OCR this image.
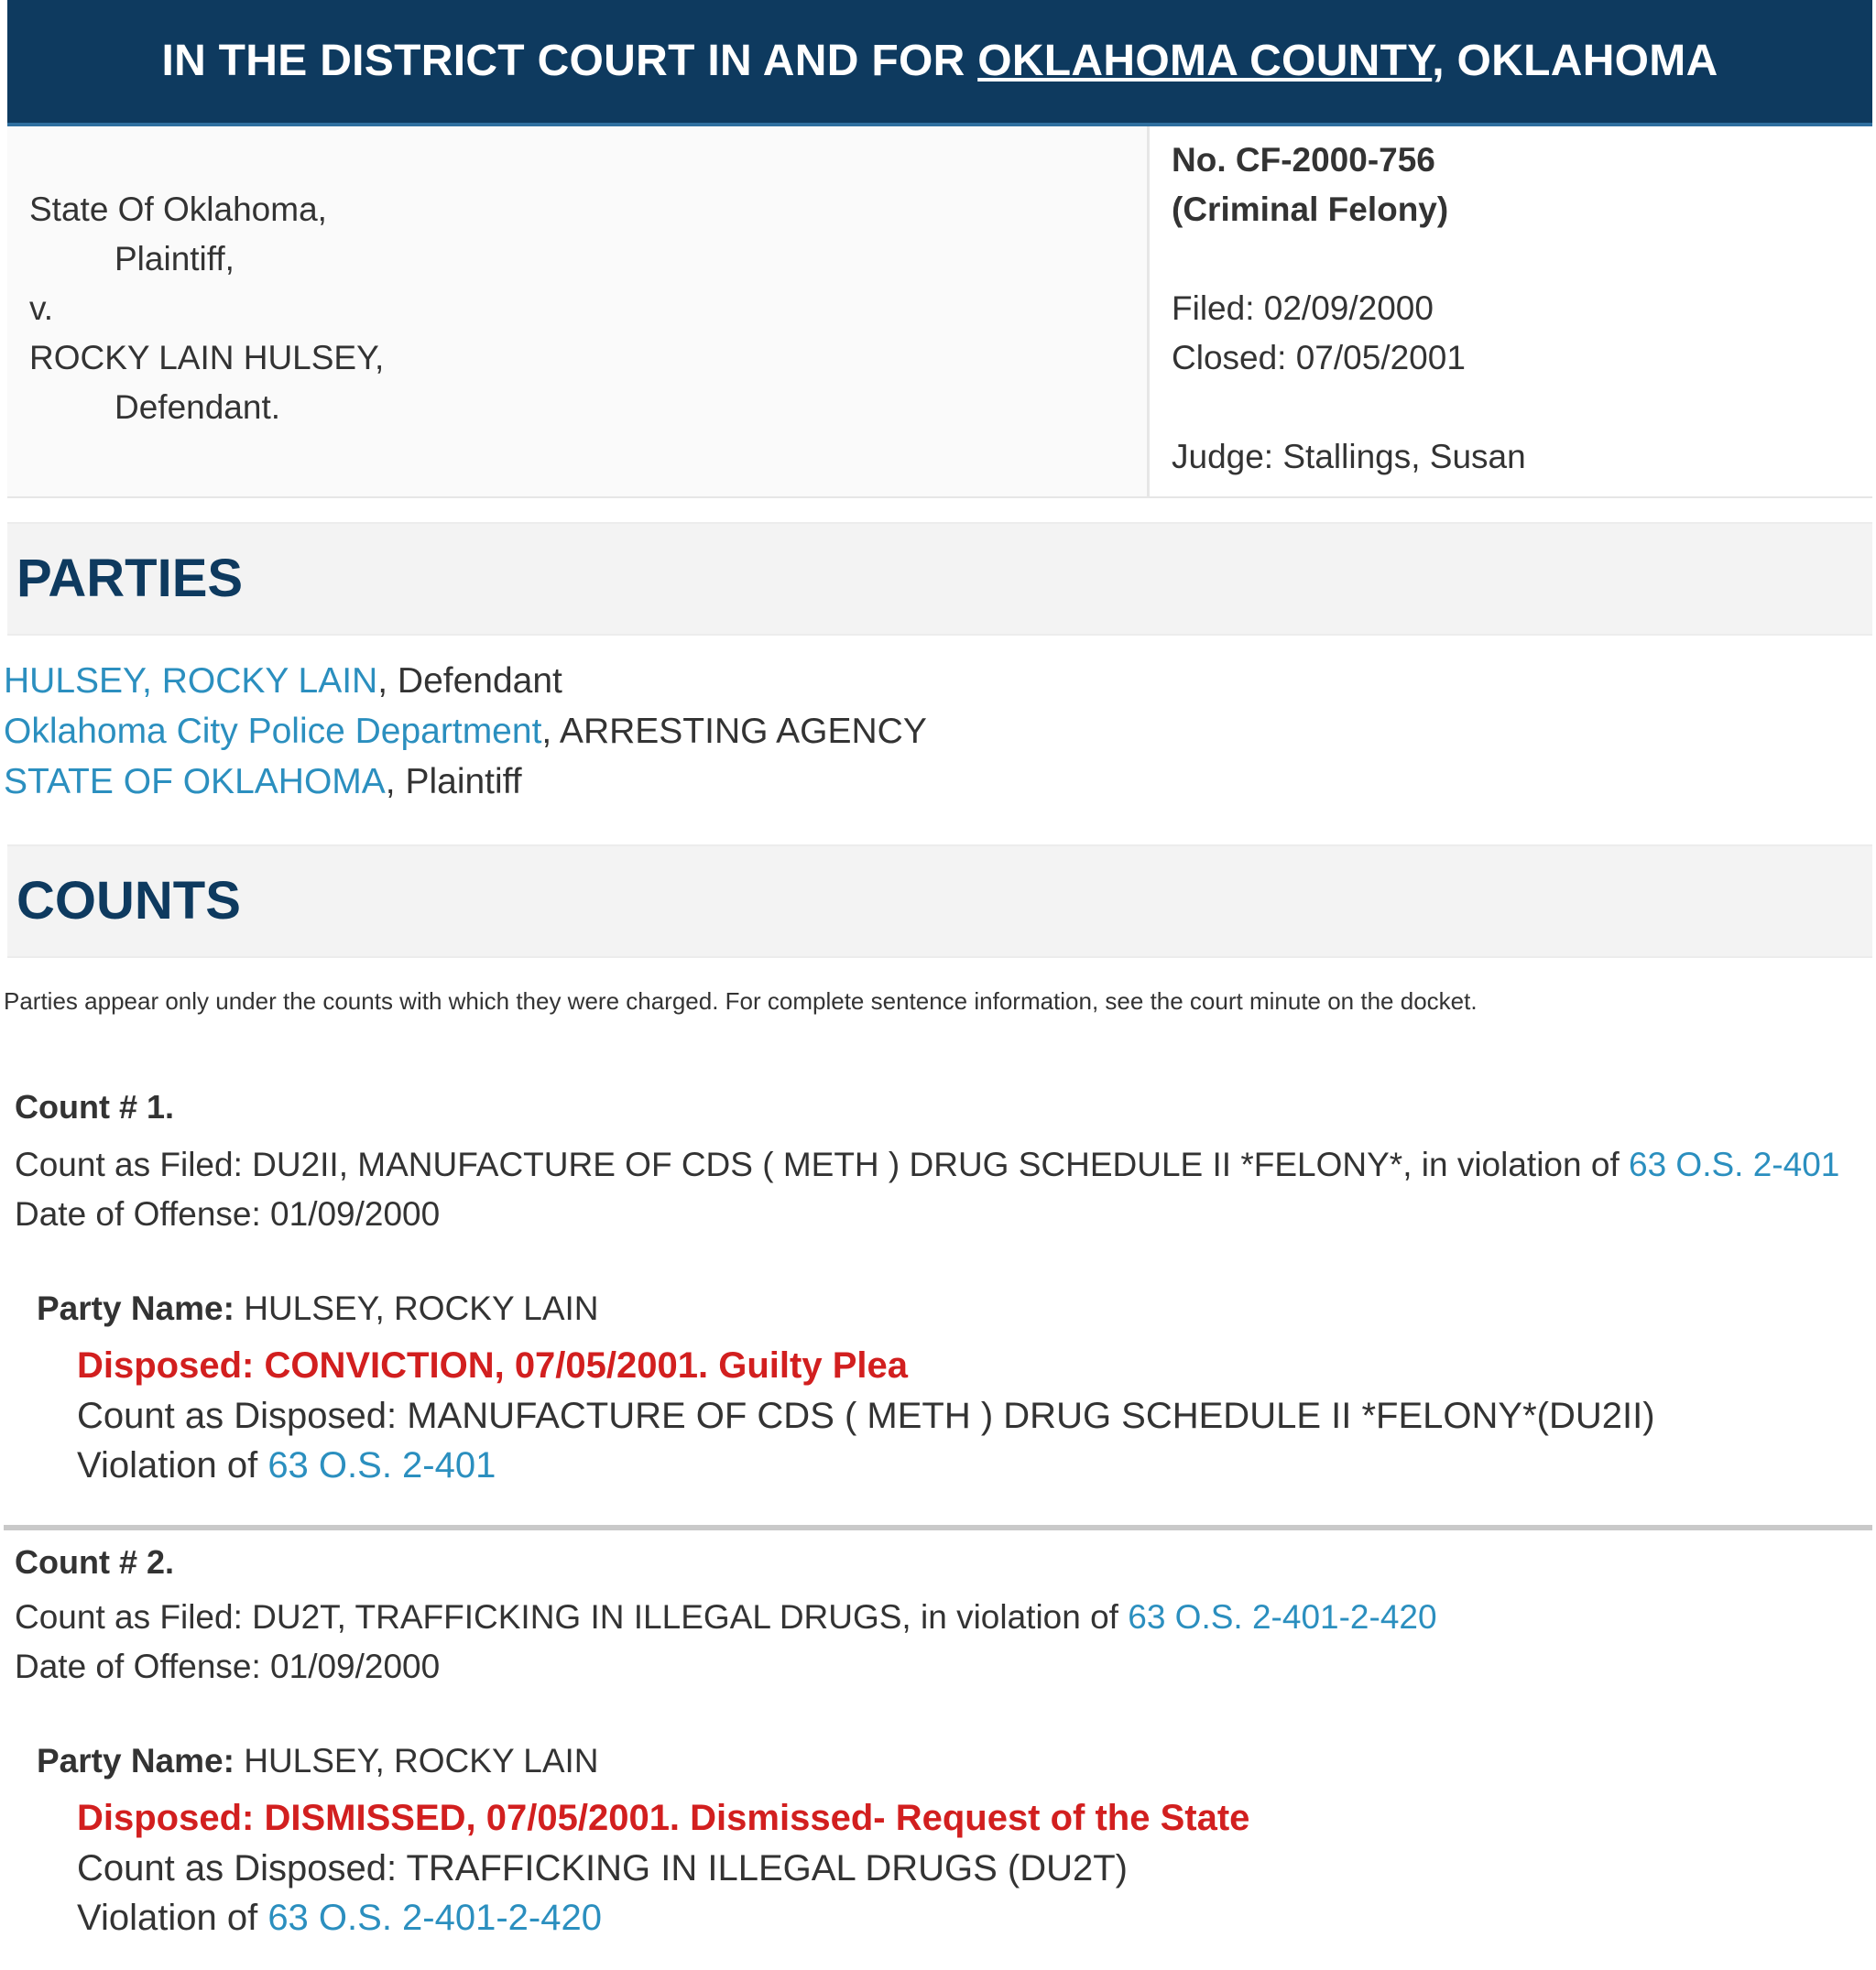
IN THE DISTRICT COURT IN AND FOR OKLAHOMA COUNTY, OKLAHOMA
State Of Oklahoma,
Plaintiff,
v.
ROCKY LAIN HULSEY,
Defendant.
No. CF-2000-756
(Criminal Felony)
Filed: 02/09/2000
Closed: 07/05/2001
Judge: Stallings, Susan
PARTIES
HULSEY, ROCKY LAIN, Defendant
Oklahoma City Police Department, ARRESTING AGENCY
STATE OF OKLAHOMA, Plaintiff
COUNTS
Parties appear only under the counts with which they were charged. For complete sentence information, see the court minute on the docket.
Count # 1.
Count as Filed: DU2II, MANUFACTURE OF CDS ( METH ) DRUG SCHEDULE II *FELONY*, in violation of 63 O.S. 2-401
Date of Offense: 01/09/2000
Party Name: HULSEY, ROCKY LAIN
Disposed: CONVICTION, 07/05/2001. Guilty Plea
Count as Disposed: MANUFACTURE OF CDS ( METH ) DRUG SCHEDULE II *FELONY*(DU2II)
Violation of 63 O.S. 2-401
Count # 2.
Count as Filed: DU2T, TRAFFICKING IN ILLEGAL DRUGS, in violation of 63 O.S. 2-401-2-420
Date of Offense: 01/09/2000
Party Name: HULSEY, ROCKY LAIN
Disposed: DISMISSED, 07/05/2001. Dismissed- Request of the State
Count as Disposed: TRAFFICKING IN ILLEGAL DRUGS (DU2T)
Violation of 63 O.S. 2-401-2-420
